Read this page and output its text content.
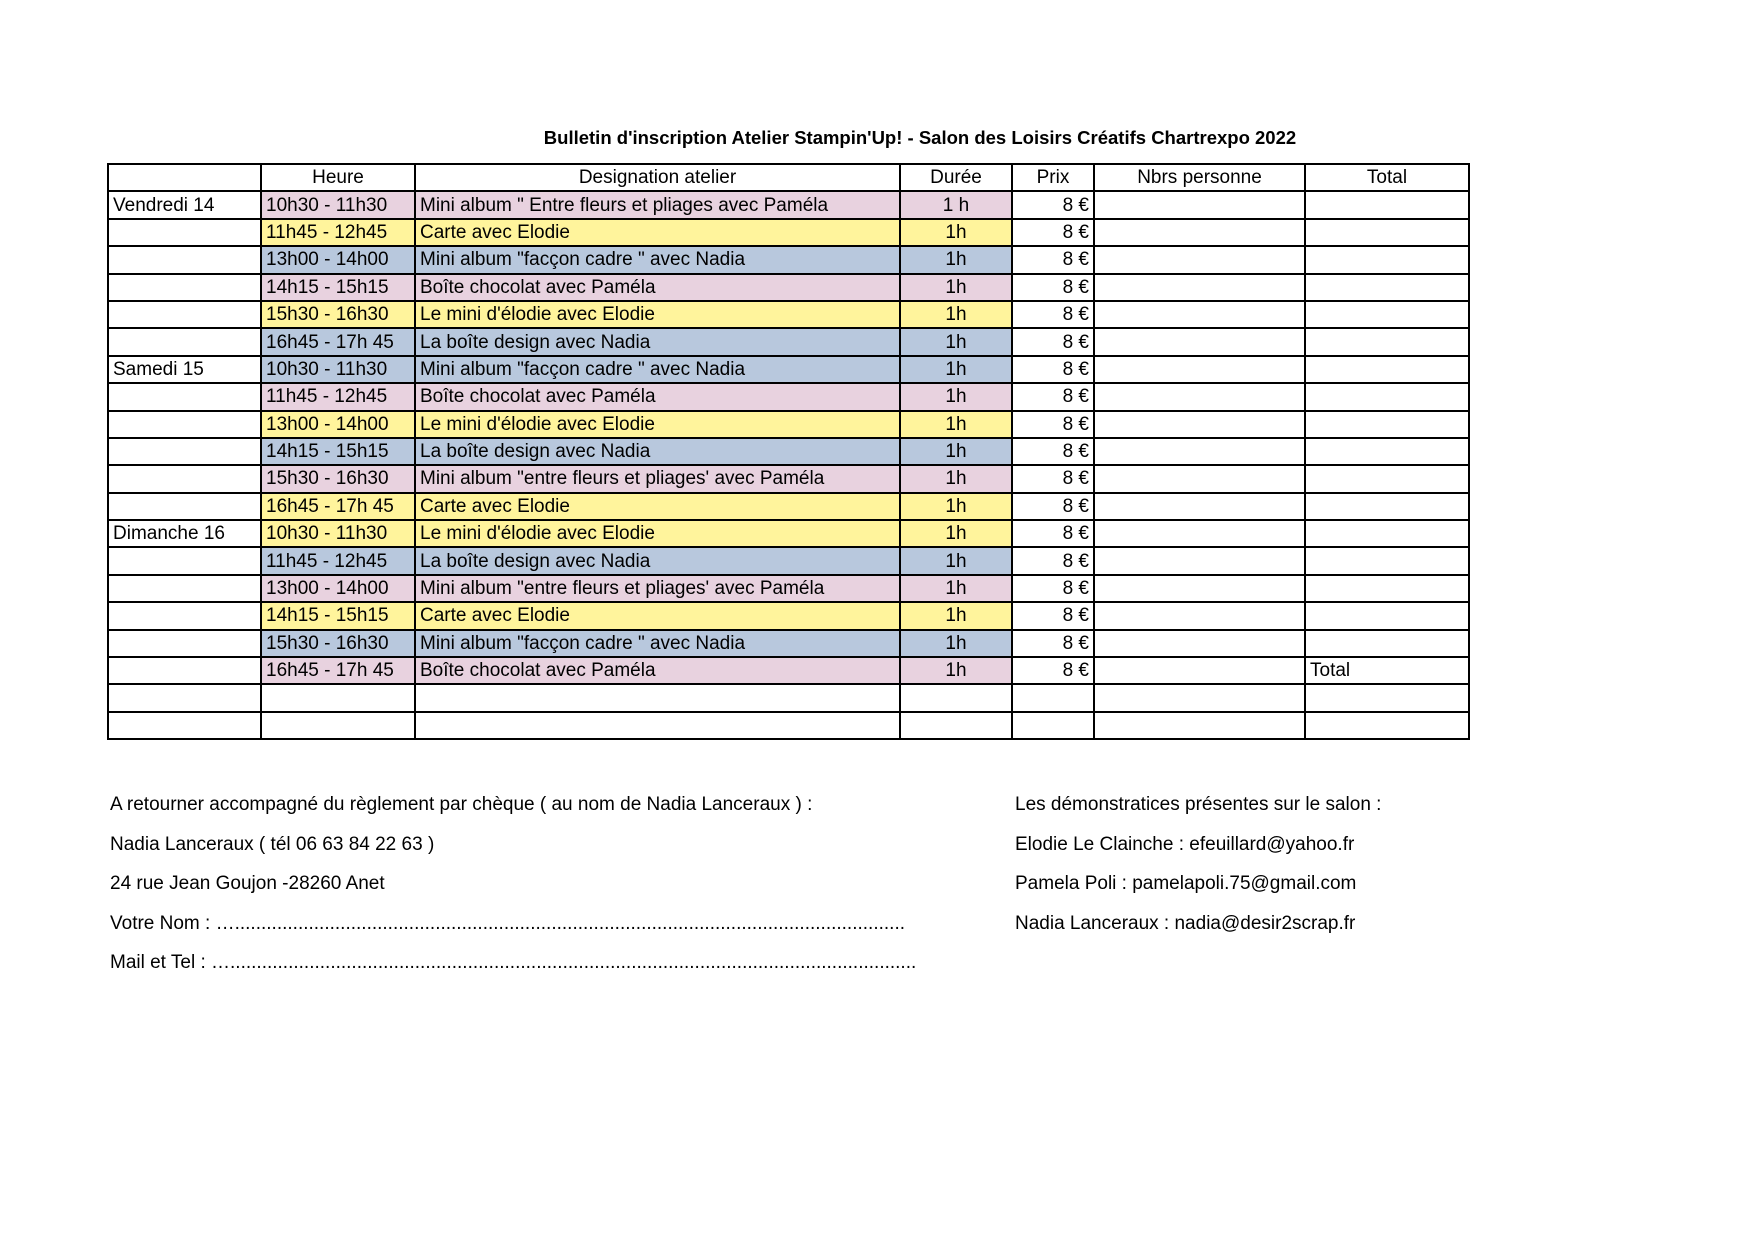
Bulletin d'inscription Atelier Stampin'Up! - Salon des Loisirs Créatifs Chartrexpo 2022
	Heure	Designation atelier	Durée	Prix	Nbrs personne	Total
Vendredi 14	10h30 - 11h30	Mini album " Entre fleurs et pliages avec Paméla	1 h	8 €		
	11h45 - 12h45	Carte avec Elodie	1h	8 €		
	13h00 - 14h00	Mini album "facçon cadre " avec Nadia	1h	8 €		
	14h15 - 15h15	Boîte chocolat avec Paméla	1h	8 €		
	15h30 - 16h30	Le mini d'élodie avec Elodie	1h	8 €		
	16h45 - 17h 45	La boîte design avec Nadia	1h	8 €		
Samedi 15	10h30 - 11h30	Mini album "facçon cadre " avec Nadia	1h	8 €		
	11h45 - 12h45	Boîte chocolat avec Paméla	1h	8 €		
	13h00 - 14h00	Le mini d'élodie avec Elodie	1h	8 €		
	14h15 - 15h15	La boîte design avec Nadia	1h	8 €		
	15h30 - 16h30	Mini album "entre fleurs et pliages' avec Paméla	1h	8 €		
	16h45 - 17h 45	Carte avec Elodie	1h	8 €		
Dimanche 16	10h30 - 11h30	Le mini d'élodie avec Elodie	1h	8 €		
	11h45 - 12h45	La boîte design avec Nadia	1h	8 €		
	13h00 - 14h00	Mini album "entre fleurs et pliages' avec Paméla	1h	8 €		
	14h15 - 15h15	Carte avec Elodie	1h	8 €		
	15h30 - 16h30	Mini album "facçon cadre " avec Nadia	1h	8 €		
	16h45 - 17h 45	Boîte chocolat avec Paméla	1h	8 €		Total

A retourner accompagné du règlement par chèque ( au nom de Nadia Lanceraux ) :
Nadia Lanceraux ( tél 06 63 84 22 63 )
24 rue Jean Goujon -28260 Anet
Votre Nom : …...............................................................................................................................
Mail et Tel : …..................................................................................................................................
Les démonstratices présentes sur le salon :
Elodie Le Clainche : efeuillard@yahoo.fr
Pamela Poli : pamelapoli.75@gmail.com
Nadia Lanceraux : nadia@desir2scrap.fr
